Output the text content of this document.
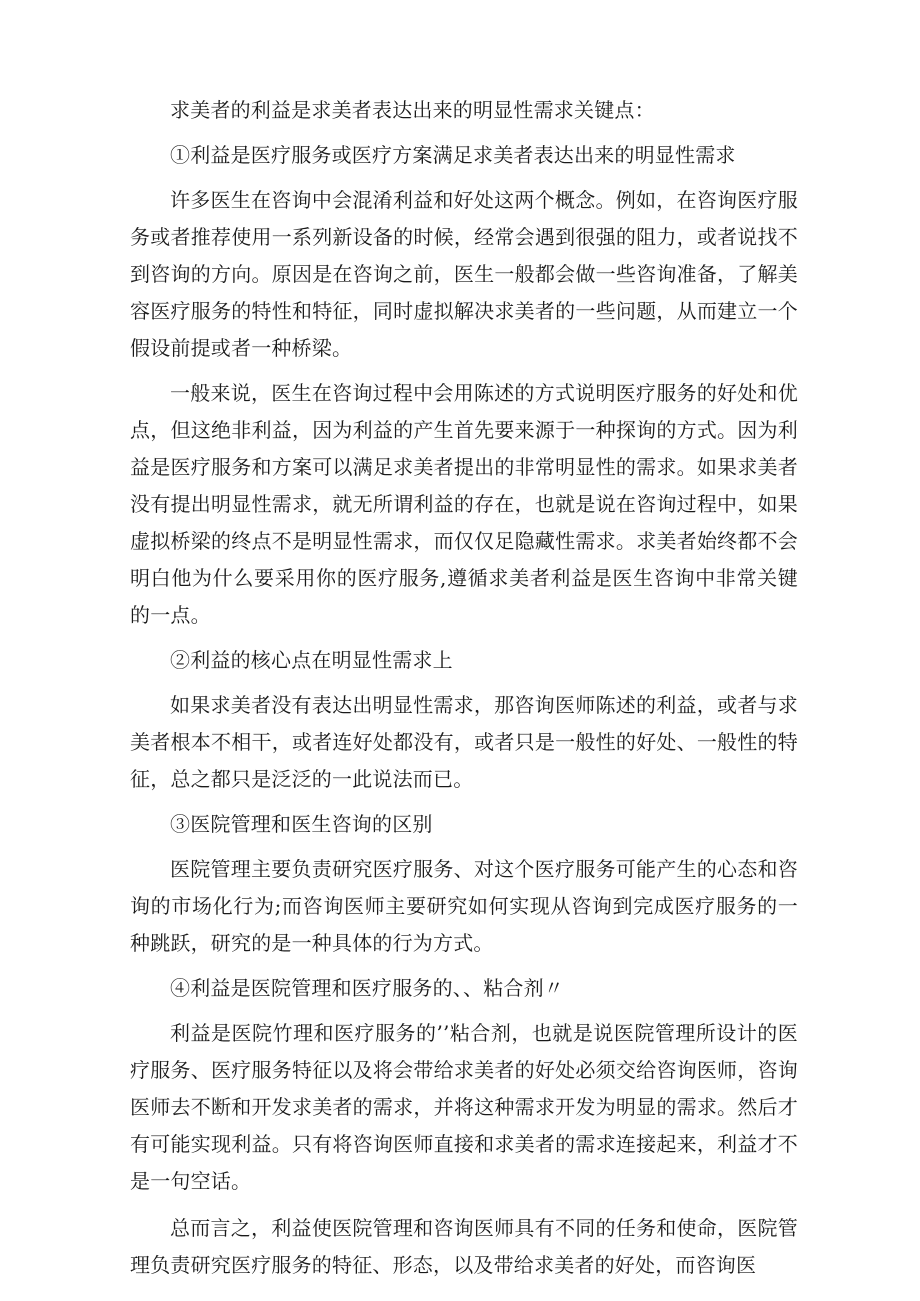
求美者的利益是求美者表达出来的明显性需求关键点：

①利益是医疗服务或医疗方案满足求美者表达出来的明显性需求

许多医生在咨询中会混淆利益和好处这两个概念。例如，在咨询医疗服务或者推荐使用一系列新设备的时候，经常会遇到很强的阻力，或者说找不到咨询的方向。原因是在咨询之前，医生一般都会做一些咨询准备，了解美容医疗服务的特性和特征，同时虚拟解决求美者的一些问题，从而建立一个假设前提或者一种桥梁。

一般来说，医生在咨询过程中会用陈述的方式说明医疗服务的好处和优点，但这绝非利益，因为利益的产生首先要来源于一种探询的方式。因为利益是医疗服务和方案可以满足求美者提出的非常明显性的需求。如果求美者没有提出明显性需求，就无所谓利益的存在，也就是说在咨询过程中，如果虚拟桥梁的终点不是明显性需求，而仅仅足隐藏性需求。求美者始终都不会明白他为什么要采用你的医疗服务,遵循求美者利益是医生咨询中非常关键的一点。

②利益的核心点在明显性需求上

如果求美者没有表达出明显性需求，那咨询医师陈述的利益，或者与求美者根本不相干，或者连好处都没有，或者只是一般性的好处、一般性的特征，总之都只是泛泛的一此说法而已。

③医院管理和医生咨询的区别

医院管理主要负责研究医疗服务、对这个医疗服务可能产生的心态和咨询的市场化行为;而咨询医师主要研究如何实现从咨询到完成医疗服务的一种跳跃，研究的是一种具体的行为方式。

④利益是医院管理和医疗服务的、、粘合剂〃

利益是医院竹理和医疗服务的’’粘合剂，也就是说医院管理所设计的医疗服务、医疗服务特征以及将会带给求美者的好处必须交给咨询医师，咨询医师去不断和开发求美者的需求，并将这种需求开发为明显的需求。然后才有可能实现利益。只有将咨询医师直接和求美者的需求连接起来，利益才不是一句空话。

总而言之，利益使医院管理和咨询医师具有不同的任务和使命，医院管理负责研究医疗服务的特征、形态，以及带给求美者的好处，而咨询医
